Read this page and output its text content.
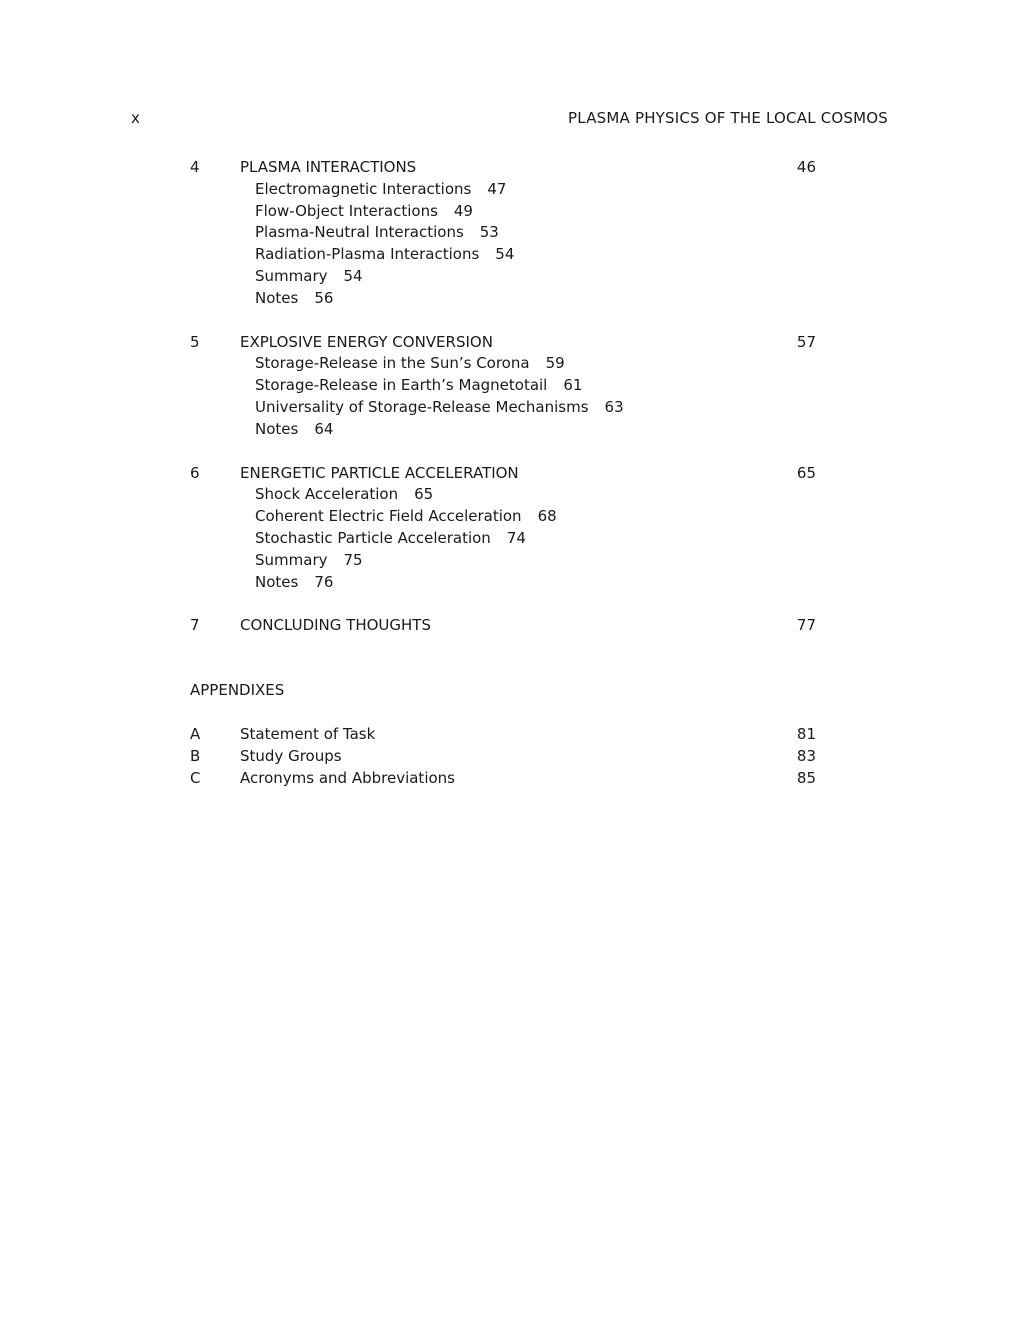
x	PLASMA PHYSICS OF THE LOCAL COSMOS
4	PLASMA INTERACTIONS	46
Electromagnetic Interactions 47
Flow-Object Interactions 49
Plasma-Neutral Interactions 53
Radiation-Plasma Interactions 54
Summary 54
Notes 56
5	EXPLOSIVE ENERGY CONVERSION	57
Storage-Release in the Sun’s Corona 59
Storage-Release in Earth’s Magnetotail 61
Universality of Storage-Release Mechanisms 63
Notes 64
6	ENERGETIC PARTICLE ACCELERATION	65
Shock Acceleration 65
Coherent Electric Field Acceleration 68
Stochastic Particle Acceleration 74
Summary 75
Notes 76
7	CONCLUDING THOUGHTS	77
APPENDIXES
A	Statement of Task	81
B	Study Groups	83
C	Acronyms and Abbreviations	85
